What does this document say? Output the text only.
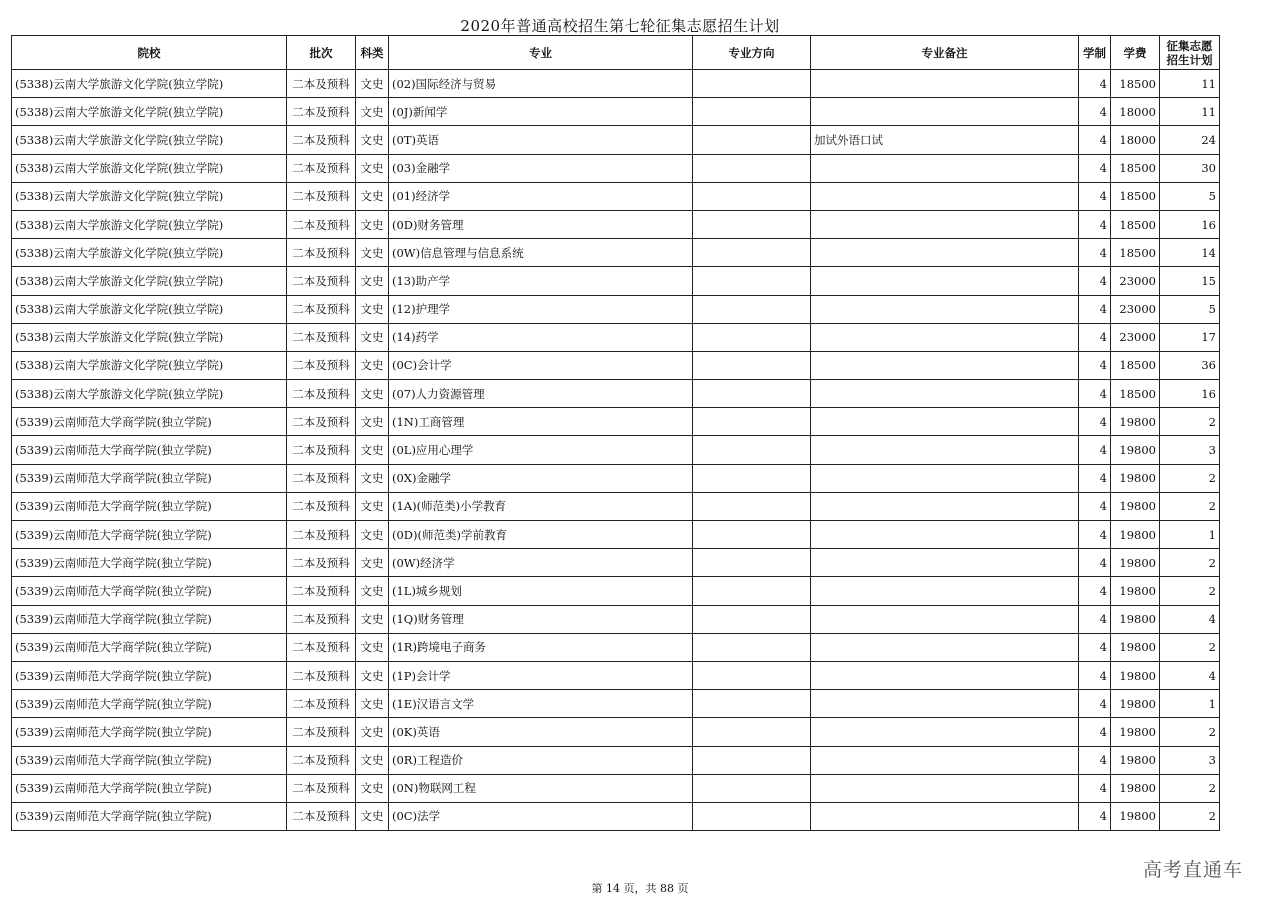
2020年普通高校招生第七轮征集志愿招生计划
院校	批次	科类	专业	专业方向	专业备注	学制	学费	征集志愿招生计划
(5338)云南大学旅游文化学院(独立学院)	二本及预科	文史	(02)国际经济与贸易			4	18500	11
(5338)云南大学旅游文化学院(独立学院)	二本及预科	文史	(0J)新闻学			4	18000	11
(5338)云南大学旅游文化学院(独立学院)	二本及预科	文史	(0T)英语		加试外语口试	4	18000	24
(5338)云南大学旅游文化学院(独立学院)	二本及预科	文史	(03)金融学			4	18500	30
(5338)云南大学旅游文化学院(独立学院)	二本及预科	文史	(01)经济学			4	18500	5
(5338)云南大学旅游文化学院(独立学院)	二本及预科	文史	(0D)财务管理			4	18500	16
(5338)云南大学旅游文化学院(独立学院)	二本及预科	文史	(0W)信息管理与信息系统			4	18500	14
(5338)云南大学旅游文化学院(独立学院)	二本及预科	文史	(13)助产学			4	23000	15
(5338)云南大学旅游文化学院(独立学院)	二本及预科	文史	(12)护理学			4	23000	5
(5338)云南大学旅游文化学院(独立学院)	二本及预科	文史	(14)药学			4	23000	17
(5338)云南大学旅游文化学院(独立学院)	二本及预科	文史	(0C)会计学			4	18500	36
(5338)云南大学旅游文化学院(独立学院)	二本及预科	文史	(07)人力资源管理			4	18500	16
(5339)云南师范大学商学院(独立学院)	二本及预科	文史	(1N)工商管理			4	19800	2
(5339)云南师范大学商学院(独立学院)	二本及预科	文史	(0L)应用心理学			4	19800	3
(5339)云南师范大学商学院(独立学院)	二本及预科	文史	(0X)金融学			4	19800	2
(5339)云南师范大学商学院(独立学院)	二本及预科	文史	(1A)(师范类)小学教育			4	19800	2
(5339)云南师范大学商学院(独立学院)	二本及预科	文史	(0D)(师范类)学前教育			4	19800	1
(5339)云南师范大学商学院(独立学院)	二本及预科	文史	(0W)经济学			4	19800	2
(5339)云南师范大学商学院(独立学院)	二本及预科	文史	(1L)城乡规划			4	19800	2
(5339)云南师范大学商学院(独立学院)	二本及预科	文史	(1Q)财务管理			4	19800	4
(5339)云南师范大学商学院(独立学院)	二本及预科	文史	(1R)跨境电子商务			4	19800	2
(5339)云南师范大学商学院(独立学院)	二本及预科	文史	(1P)会计学			4	19800	4
(5339)云南师范大学商学院(独立学院)	二本及预科	文史	(1E)汉语言文学			4	19800	1
(5339)云南师范大学商学院(独立学院)	二本及预科	文史	(0K)英语			4	19800	2
(5339)云南师范大学商学院(独立学院)	二本及预科	文史	(0R)工程造价			4	19800	3
(5339)云南师范大学商学院(独立学院)	二本及预科	文史	(0N)物联网工程			4	19800	2
(5339)云南师范大学商学院(独立学院)	二本及预科	文史	(0C)法学			4	19800	2
第 14 页，共 88 页
高考直通车
